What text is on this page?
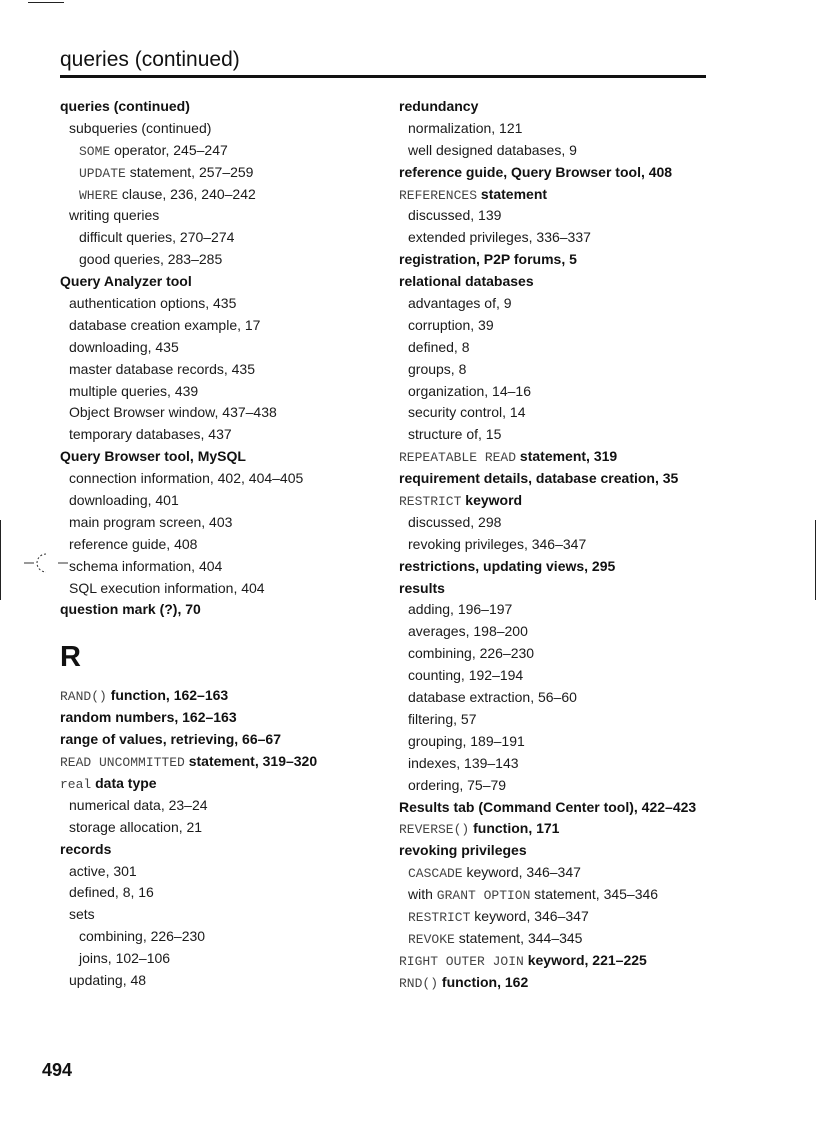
queries (continued)
queries (continued)
subqueries (continued)
SOME operator, 245–247
UPDATE statement, 257–259
WHERE clause, 236, 240–242
writing queries
difficult queries, 270–274
good queries, 283–285
Query Analyzer tool
authentication options, 435
database creation example, 17
downloading, 435
master database records, 435
multiple queries, 439
Object Browser window, 437–438
temporary databases, 437
Query Browser tool, MySQL
connection information, 402, 404–405
downloading, 401
main program screen, 403
reference guide, 408
schema information, 404
SQL execution information, 404
question mark (?), 70
R
RAND() function, 162–163
random numbers, 162–163
range of values, retrieving, 66–67
READ UNCOMMITTED statement, 319–320
real data type
numerical data, 23–24
storage allocation, 21
records
active, 301
defined, 8, 16
sets
combining, 226–230
joins, 102–106
updating, 48
redundancy
normalization, 121
well designed databases, 9
reference guide, Query Browser tool, 408
REFERENCES statement
discussed, 139
extended privileges, 336–337
registration, P2P forums, 5
relational databases
advantages of, 9
corruption, 39
defined, 8
groups, 8
organization, 14–16
security control, 14
structure of, 15
REPEATABLE READ statement, 319
requirement details, database creation, 35
RESTRICT keyword
discussed, 298
revoking privileges, 346–347
restrictions, updating views, 295
results
adding, 196–197
averages, 198–200
combining, 226–230
counting, 192–194
database extraction, 56–60
filtering, 57
grouping, 189–191
indexes, 139–143
ordering, 75–79
Results tab (Command Center tool), 422–423
REVERSE() function, 171
revoking privileges
CASCADE keyword, 346–347
with GRANT OPTION statement, 345–346
RESTRICT keyword, 346–347
REVOKE statement, 344–345
RIGHT OUTER JOIN keyword, 221–225
RND() function, 162
494
